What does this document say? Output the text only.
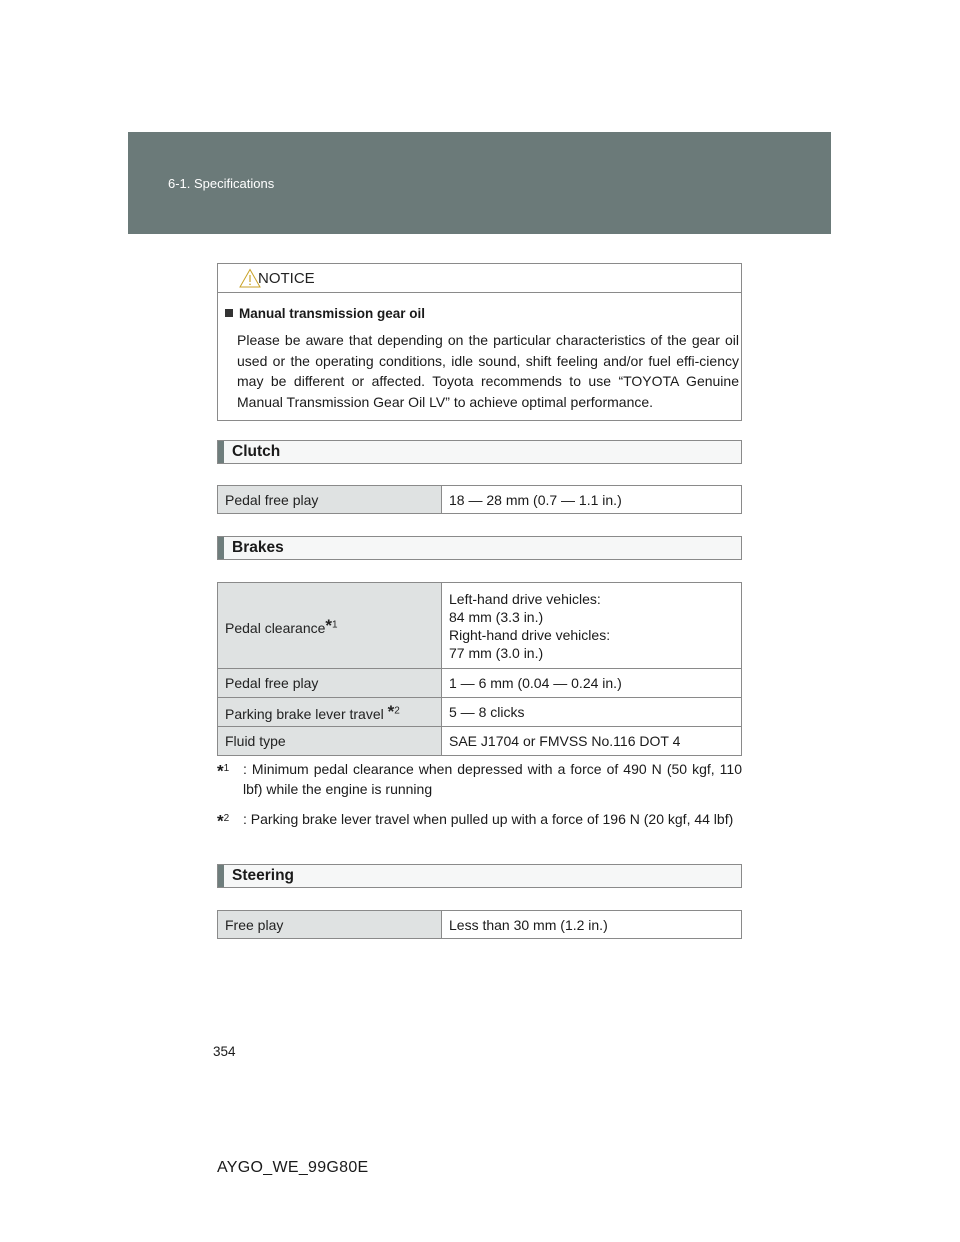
6-1. Specifications
NOTICE
Manual transmission gear oil
Please be aware that depending on the particular characteristics of the gear oil used or the operating conditions, idle sound, shift feeling and/or fuel effi-ciency may be different or affected. Toyota recommends to use “TOYOTA Genuine Manual Transmission Gear Oil LV” to achieve optimal performance.
Clutch
Pedal free play	18 — 28 mm (0.7 — 1.1 in.)
Brakes
Pedal clearance*$^1$	Left-hand drive vehicles:
84 mm (3.3 in.)
Right-hand drive vehicles:
77 mm (3.0 in.)

Pedal free play	1 — 6 mm (0.04 — 0.24 in.)
Parking brake lever travel *$^2$	5 — 8 clicks
Fluid type	SAE J1704 or FMVSS No.116 DOT 4
*$^1$ : Minimum pedal clearance when depressed with a force of 490 N (50 kgf, 110 lbf) while the engine is running
*$^2$ : Parking brake lever travel when pulled up with a force of 196 N (20 kgf, 44 lbf)
Steering
Free play	Less than 30 mm (1.2 in.)
354
AYGO_WE_99G80E
